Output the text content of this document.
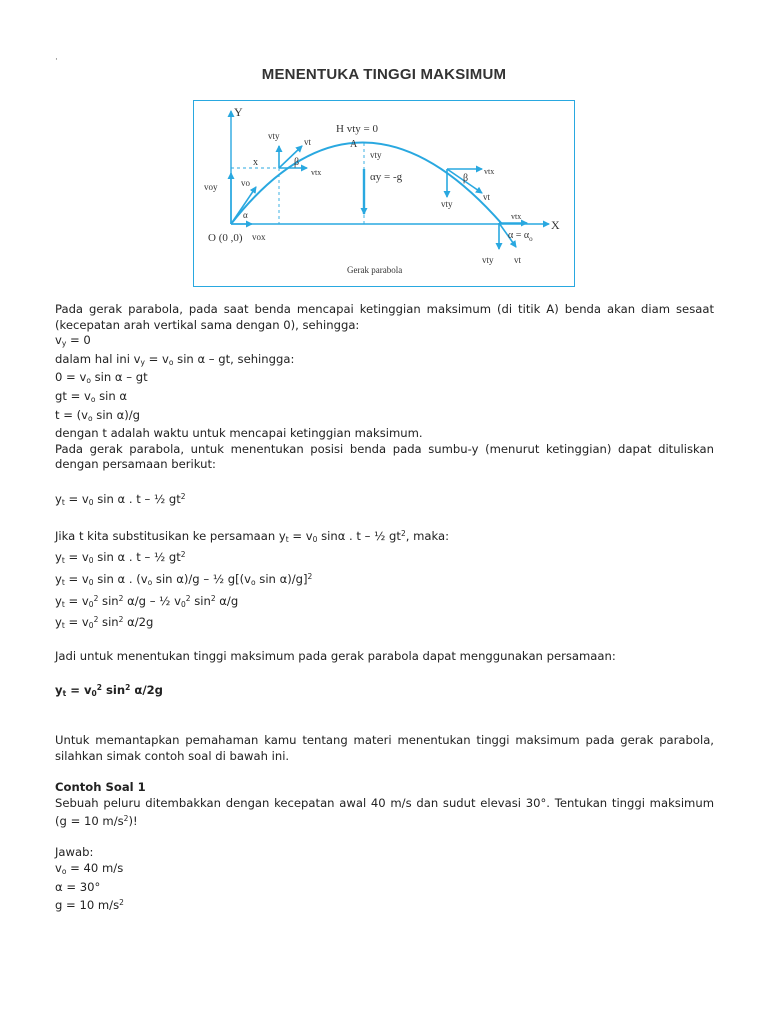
·
MENENTUKA TINGGI MAKSIMUM
Y
X
O (0 ,0) vox
voy	vo
α
x
vty
vt
β
vtx
H vty = 0
A
vty
αy = -g	vtx
β
vty
vt
vtx
$\alpha = \alpha_o$
vty vt
Gerak parabola

Pada gerak parabola, pada saat benda mencapai ketinggian maksimum (di titik A) benda akan diam sesaat (kecepatan arah vertikal sama dengan 0), sehingga:

$v_y = 0$

dalam hal ini $v_y = v_o$ sin α – gt, sehingga:

$0 = v_o$ sin α – gt

gt = $v_o$ sin α

$t = (v_o$ sin α)/g

dengan t adalah waktu untuk mencapai ketinggian maksimum.

Pada gerak parabola, untuk menentukan posisi benda pada sumbu-y (menurut ketinggian) dapat dituliskan dengan persamaan berikut:

$y_t = v_0$ sin α . t – ½ $gt^2$

Jika t kita substitusikan ke persamaan $y_t = v_0$ sinα . t – ½ $gt^2$, maka:

$y_t = v_0$ sin α . t – ½ $gt^2$

$y_t = v_0$ sin α . ($v_o$ sin α)/g – ½ $g[(v_o$ sin α)/g]$^2$

$y_t = v_0^2$ $\sin^2 \alpha/g$ – ½ $v_0^2$ $\sin^2 \alpha/g$

$y_t = v_0^2$ $\sin^2 \alpha/2g$

Jadi untuk menentukan tinggi maksimum pada gerak parabola dapat menggunakan persamaan:

$y_t = v_0^2$ $\sin^2 \alpha/2g$

Untuk memantapkan pemahaman kamu tentang materi menentukan tinggi maksimum pada gerak parabola, silahkan simak contoh soal di bawah ini.

Contoh Soal 1

Sebuah peluru ditembakkan dengan kecepatan awal 40 m/s dan sudut elevasi 30°. Tentukan tinggi maksimum (g = 10 $m/s^2$)!

Jawab:

$v_o = 40$ m/s

α = 30°

g = 10 $m/s^2$
